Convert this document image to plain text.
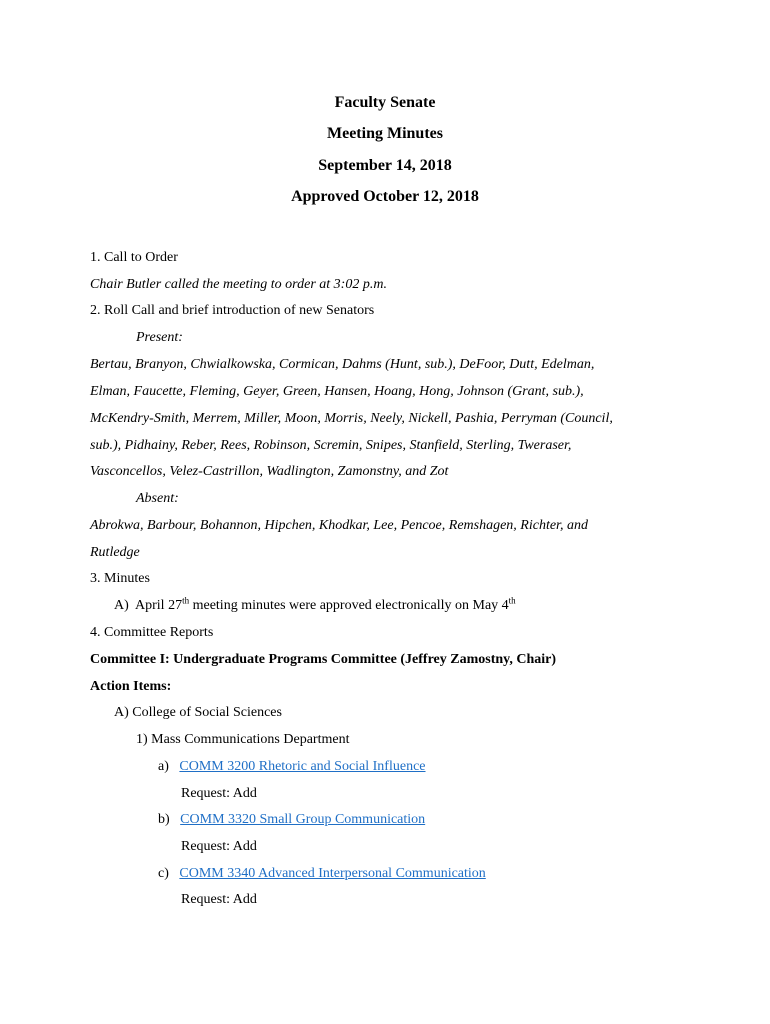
Faculty Senate
Meeting Minutes
September 14, 2018
Approved October 12, 2018
1. Call to Order
Chair Butler called the meeting to order at 3:02 p.m.
2. Roll Call and brief introduction of new Senators
Present:
Bertau, Branyon, Chwialkowska, Cormican, Dahms (Hunt, sub.), DeFoor, Dutt, Edelman,
Elman, Faucette, Fleming, Geyer, Green, Hansen, Hoang, Hong, Johnson (Grant, sub.),
McKendry-Smith, Merrem, Miller, Moon, Morris, Neely, Nickell, Pashia, Perryman (Council,
sub.), Pidhainy, Reber, Rees, Robinson, Scremin, Snipes, Stanfield, Sterling, Tweraser,
Vasconcellos, Velez-Castrillon, Wadlington, Zamonstny, and Zot
Absent:
Abrokwa, Barbour, Bohannon, Hipchen, Khodkar, Lee, Pencoe, Remshagen, Richter, and
Rutledge
3. Minutes
A) April 27th meeting minutes were approved electronically on May 4th
4. Committee Reports
Committee I: Undergraduate Programs Committee (Jeffrey Zamostny, Chair)
Action Items:
A) College of Social Sciences
1) Mass Communications Department
a) COMM 3200 Rhetoric and Social Influence
Request: Add
b) COMM 3320 Small Group Communication
Request: Add
c) COMM 3340 Advanced Interpersonal Communication
Request: Add
